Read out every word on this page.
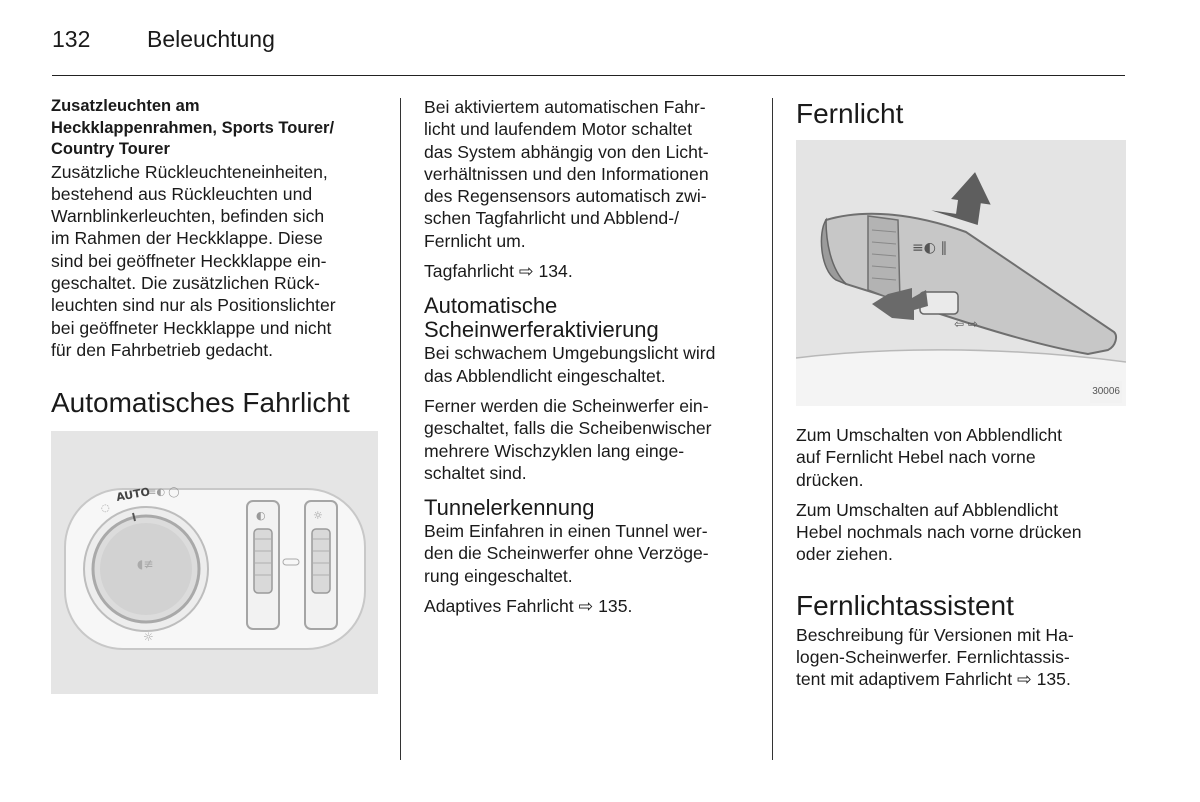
132 Beleuchtung

Zusatzleuchten am

Heckklappenrahmen, Sports Tourer/

Country Tourer

Zusätzliche Rückleuchteneinheiten,

bestehend aus Rückleuchten und

Warnblinkerleuchten, befinden sich

im Rahmen der Heckklappe. Diese

sind bei geöffneter Heckklappe ein-

geschaltet. Die zusätzlichen Rück-

leuchten sind nur als Positionslichter

bei geöffneter Heckklappe und nicht

für den Fahrbetrieb gedacht.

Automatisches Fahrlicht

◖≢
AUTO
≡◐ ◯
◌
☼
◐	☼

Bei aktiviertem automatischen Fahr-

licht und laufendem Motor schaltet

das System abhängig von den Licht-

verhältnissen und den Informationen

des Regensensors automatisch zwi-

schen Tagfahrlicht und Abblend-/

Fernlicht um.

Tagfahrlicht ⇨ 134.

Automatische

Scheinwerferaktivierung

Bei schwachem Umgebungslicht wird

das Abblendlicht eingeschaltet.

Ferner werden die Scheinwerfer ein-

geschaltet, falls die Scheibenwischer

mehrere Wischzyklen lang einge-

schaltet sind.

Tunnelerkennung

Beim Einfahren in einen Tunnel wer-

den die Scheinwerfer ohne Verzöge-

rung eingeschaltet.

Adaptives Fahrlicht ⇨ 135.

Fernlicht

≡◐ ∥
⇦ ⇨
30006

Zum Umschalten von Abblendlicht

auf Fernlicht Hebel nach vorne

drücken.

Zum Umschalten auf Abblendlicht

Hebel nochmals nach vorne drücken

oder ziehen.

Fernlichtassistent

Beschreibung für Versionen mit Ha-

logen-Scheinwerfer. Fernlichtassis-

tent mit adaptivem Fahrlicht ⇨ 135.
